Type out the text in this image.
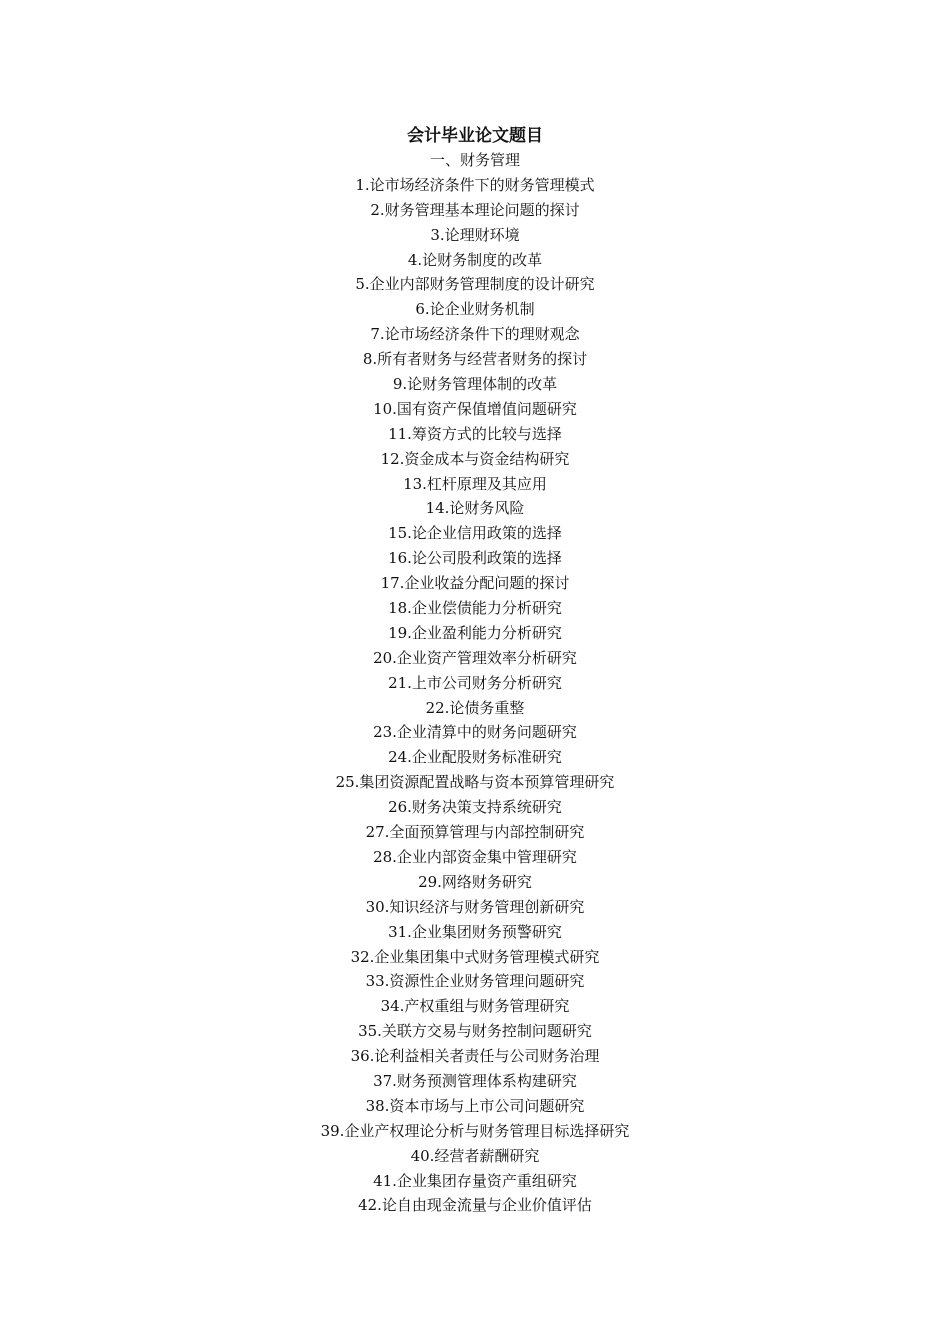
会计毕业论文题目
一、财务管理
1.论市场经济条件下的财务管理模式
2.财务管理基本理论问题的探讨
3.论理财环境
4.论财务制度的改革
5.企业内部财务管理制度的设计研究
6.论企业财务机制
7.论市场经济条件下的理财观念
8.所有者财务与经营者财务的探讨
9.论财务管理体制的改革
10.国有资产保值增值问题研究
11.筹资方式的比较与选择
12.资金成本与资金结构研究
13.杠杆原理及其应用
14.论财务风险
15.论企业信用政策的选择
16.论公司股利政策的选择
17.企业收益分配问题的探讨
18.企业偿债能力分析研究
19.企业盈利能力分析研究
20.企业资产管理效率分析研究
21.上市公司财务分析研究
22.论债务重整
23.企业清算中的财务问题研究
24.企业配股财务标准研究
25.集团资源配置战略与资本预算管理研究
26.财务决策支持系统研究
27.全面预算管理与内部控制研究
28.企业内部资金集中管理研究
29.网络财务研究
30.知识经济与财务管理创新研究
31.企业集团财务预警研究
32.企业集团集中式财务管理模式研究
33.资源性企业财务管理问题研究
34.产权重组与财务管理研究
35.关联方交易与财务控制问题研究
36.论利益相关者责任与公司财务治理
37.财务预测管理体系构建研究
38.资本市场与上市公司问题研究
39.企业产权理论分析与财务管理目标选择研究
40.经营者薪酬研究
41.企业集团存量资产重组研究
42.论自由现金流量与企业价值评估
